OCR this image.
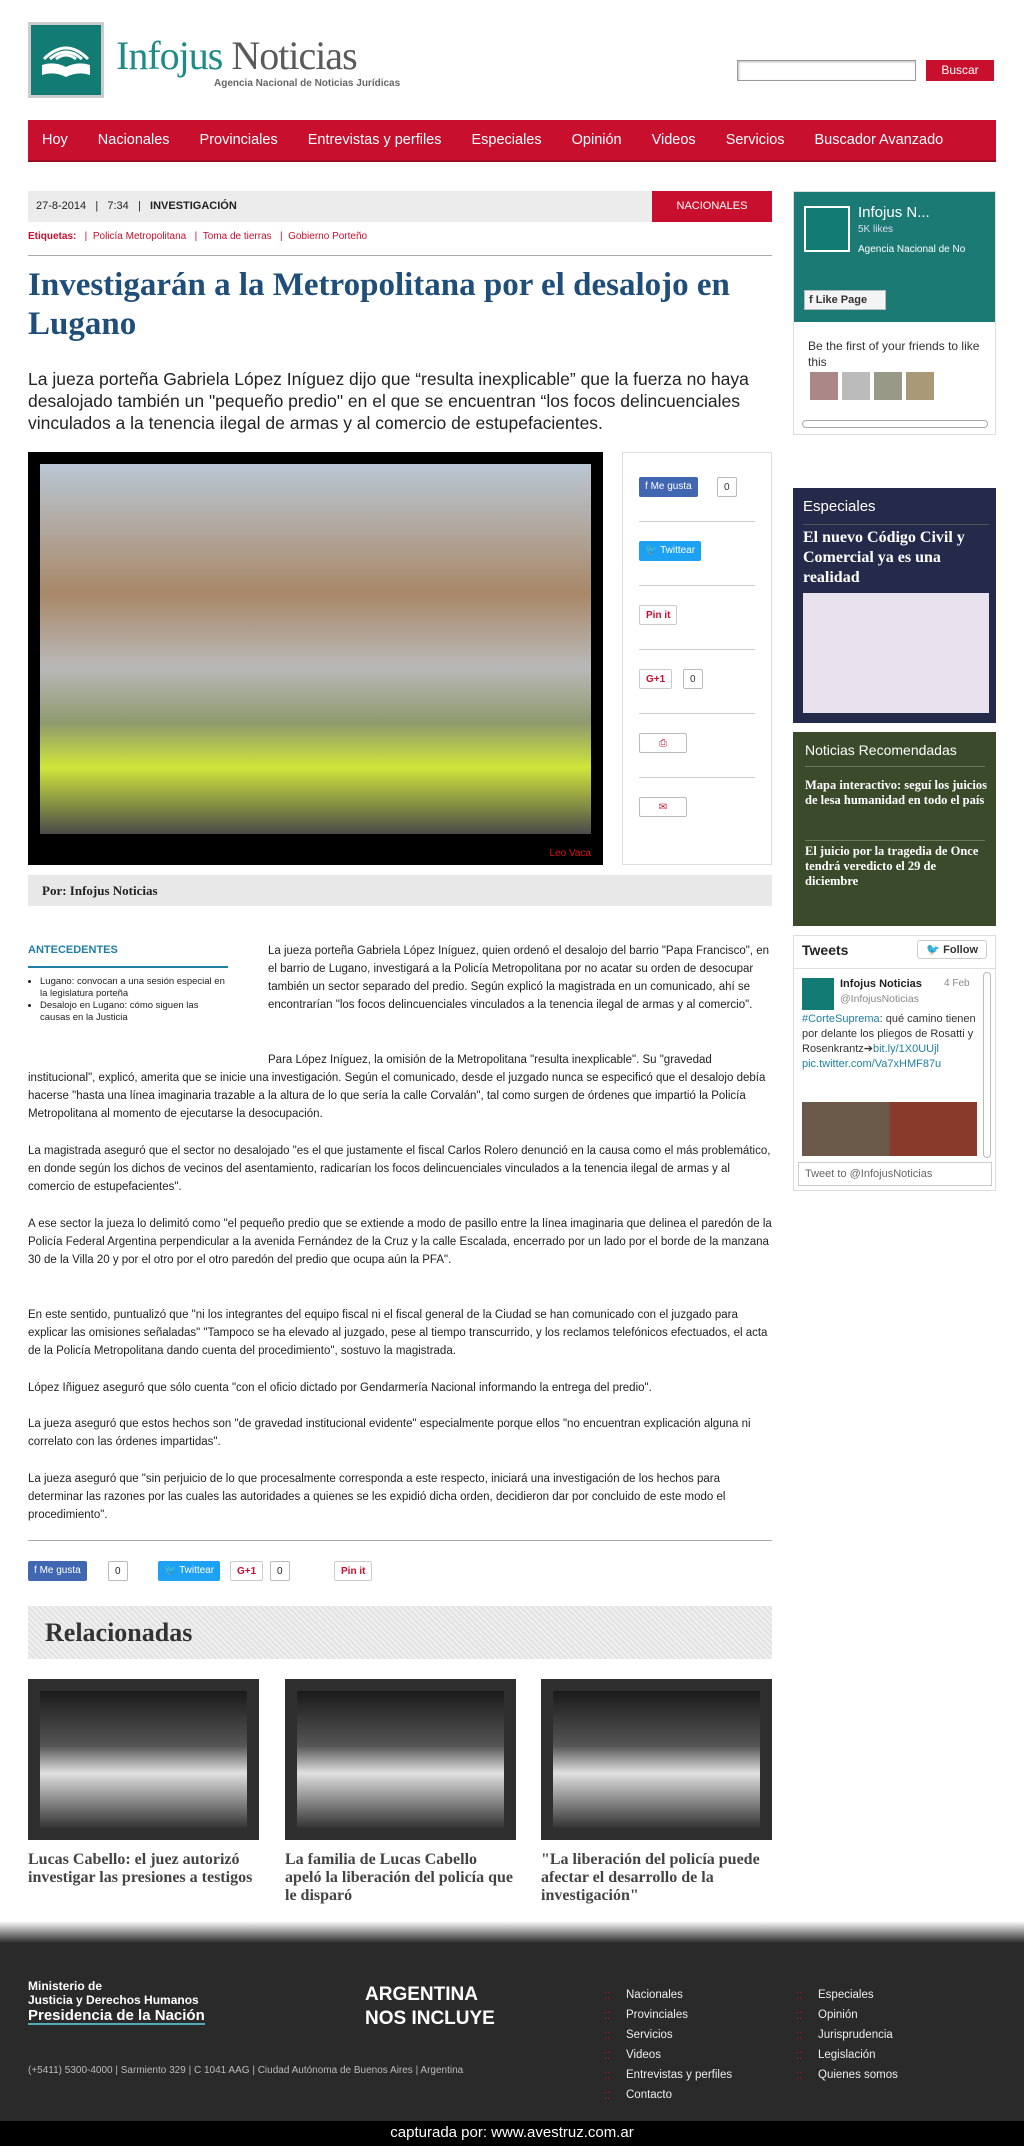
Infojus Noticias
Agencia Nacional de Noticias Jurídicas
Buscar
Hoy Nacionales Provinciales Entrevistas y perfiles Especiales Opinión Videos Servicios Buscador Avanzado
27-8-2014   |   7:34   |   INVESTIGACIÓN	NACIONALES
Etiquetas:   |  Policía Metropolitana   |  Toma de tierras   |  Gobierno Porteño
Investigarán a la Metropolitana por el desalojo en Lugano

La jueza porteña Gabriela López Iníguez dijo que “resulta inexplicable” que la fuerza no haya desalojado también un "pequeño predio" en el que se encuentran “los focos delincuenciales vinculados a la tenencia ilegal de armas y al comercio de estupefacientes.

Leo Vaca
f Me gusta	0
🐦 Twittear
Pin it
G+1	0
⎙
✉
Por: Infojus Noticias
ANTECEDENTES
• Lugano: convocan a una sesión especial en la legislatura porteña
• Desalojo en Lugano: cómo siguen las causas en la Justicia

La jueza porteña Gabriela López Iníguez, quien ordenó el desalojo del barrio "Papa Francisco", en el barrio de Lugano, investigará a la Policía Metropolitana por no acatar su orden de desocupar también un sector separado del predio. Según explicó la magistrada en un comunicado, ahí se encontrarían "los focos delincuenciales vinculados a la tenencia ilegal de armas y al comercio".

Para López Iníguez, la omisión de la Metropolitana "resulta inexplicable". Su "gravedad

institucional", explicó, amerita que se inicie una investigación. Según el comunicado, desde el juzgado nunca se especificó que el desalojo debía hacerse "hasta una línea imaginaria trazable a la altura de lo que sería la calle Corvalán", tal como surgen de órdenes que impartió la Policía Metropolitana al momento de ejecutarse la desocupación.

La magistrada aseguró que el sector no desalojado "es el que justamente el fiscal Carlos Rolero denunció en la causa como el más problemático, en donde según los dichos de vecinos del asentamiento, radicarían los focos delincuenciales vinculados a la tenencia ilegal de armas y al comercio de estupefacientes".

A ese sector la jueza lo delimitó como "el pequeño predio que se extiende a modo de pasillo entre la línea imaginaria que delinea el paredón de la Policía Federal Argentina perpendicular a la avenida Fernández de la Cruz y la calle Escalada, encerrado por un lado por el borde de la manzana 30 de la Villa 20 y por el otro por el otro paredón del predio que ocupa aún la PFA".

En este sentido, puntualizó que "ni los integrantes del equipo fiscal ni el fiscal general de la Ciudad se han comunicado con el juzgado para explicar las omisiones señaladas" "Tampoco se ha elevado al juzgado, pese al tiempo transcurrido, y los reclamos telefónicos efectuados, el acta de la Policía Metropolitana dando cuenta del procedimiento", sostuvo la magistrada.

López Iñiguez aseguró que sólo cuenta "con el oficio dictado por Gendarmería Nacional informando la entrega del predio".

La jueza aseguró que estos hechos son "de gravedad institucional evidente" especialmente porque ellos "no encuentran explicación alguna ni correlato con las órdenes impartidas".

La jueza aseguró que "sin perjuicio de lo que procesalmente corresponda a este respecto, iniciará una investigación de los hechos para determinar las razones por las cuales las autoridades a quienes se les expidió dicha orden, decidieron dar por concluido de este modo el procedimiento".

f Me gusta	0	🐦 Twittear	G+1	0	Pin it
Relacionadas
Lucas Cabello: el juez autorizó investigar las presiones a testigos
La familia de Lucas Cabello apeló la liberación del policía que le disparó
"La liberación del policía puede afectar el desarrollo de la investigación"
Infojus N...
5K likes
Agencia Nacional de No
f Like Page
Be the first of your friends to like this
Especiales
El nuevo Código Civil y Comercial ya es una realidad
Noticias Recomendadas
Mapa interactivo: seguí los juicios de lesa humanidad en todo el país
El juicio por la tragedia de Once tendrá veredicto el 29 de diciembre
Tweets	🐦 Follow
Infojus Noticias 4 Feb
@InfojusNoticias
#CorteSuprema: qué camino tienen por delante los pliegos de Rosatti y Rosenkrantz➔bit.ly/1X0UUjl
pic.twitter.com/Va7xHMF87u
Tweet to @InfojusNoticias
Ministerio de
Justicia y Derechos Humanos
Presidencia de la Nación
ARGENTINA
NOS INCLUYE
(+5411) 5300-4000 | Sarmiento 329 | C 1041 AAG | Ciudad Autónoma de Buenos Aires | Argentina
⁚⁚ Nacionales
⁚⁚ Provinciales
⁚⁚ Servicios
⁚⁚ Videos
⁚⁚ Entrevistas y perfiles
⁚⁚ Contacto
⁚⁚ Especiales
⁚⁚ Opinión
⁚⁚ Jurisprudencia
⁚⁚ Legislación
⁚⁚ Quienes somos
capturada por: www.avestruz.com.ar
